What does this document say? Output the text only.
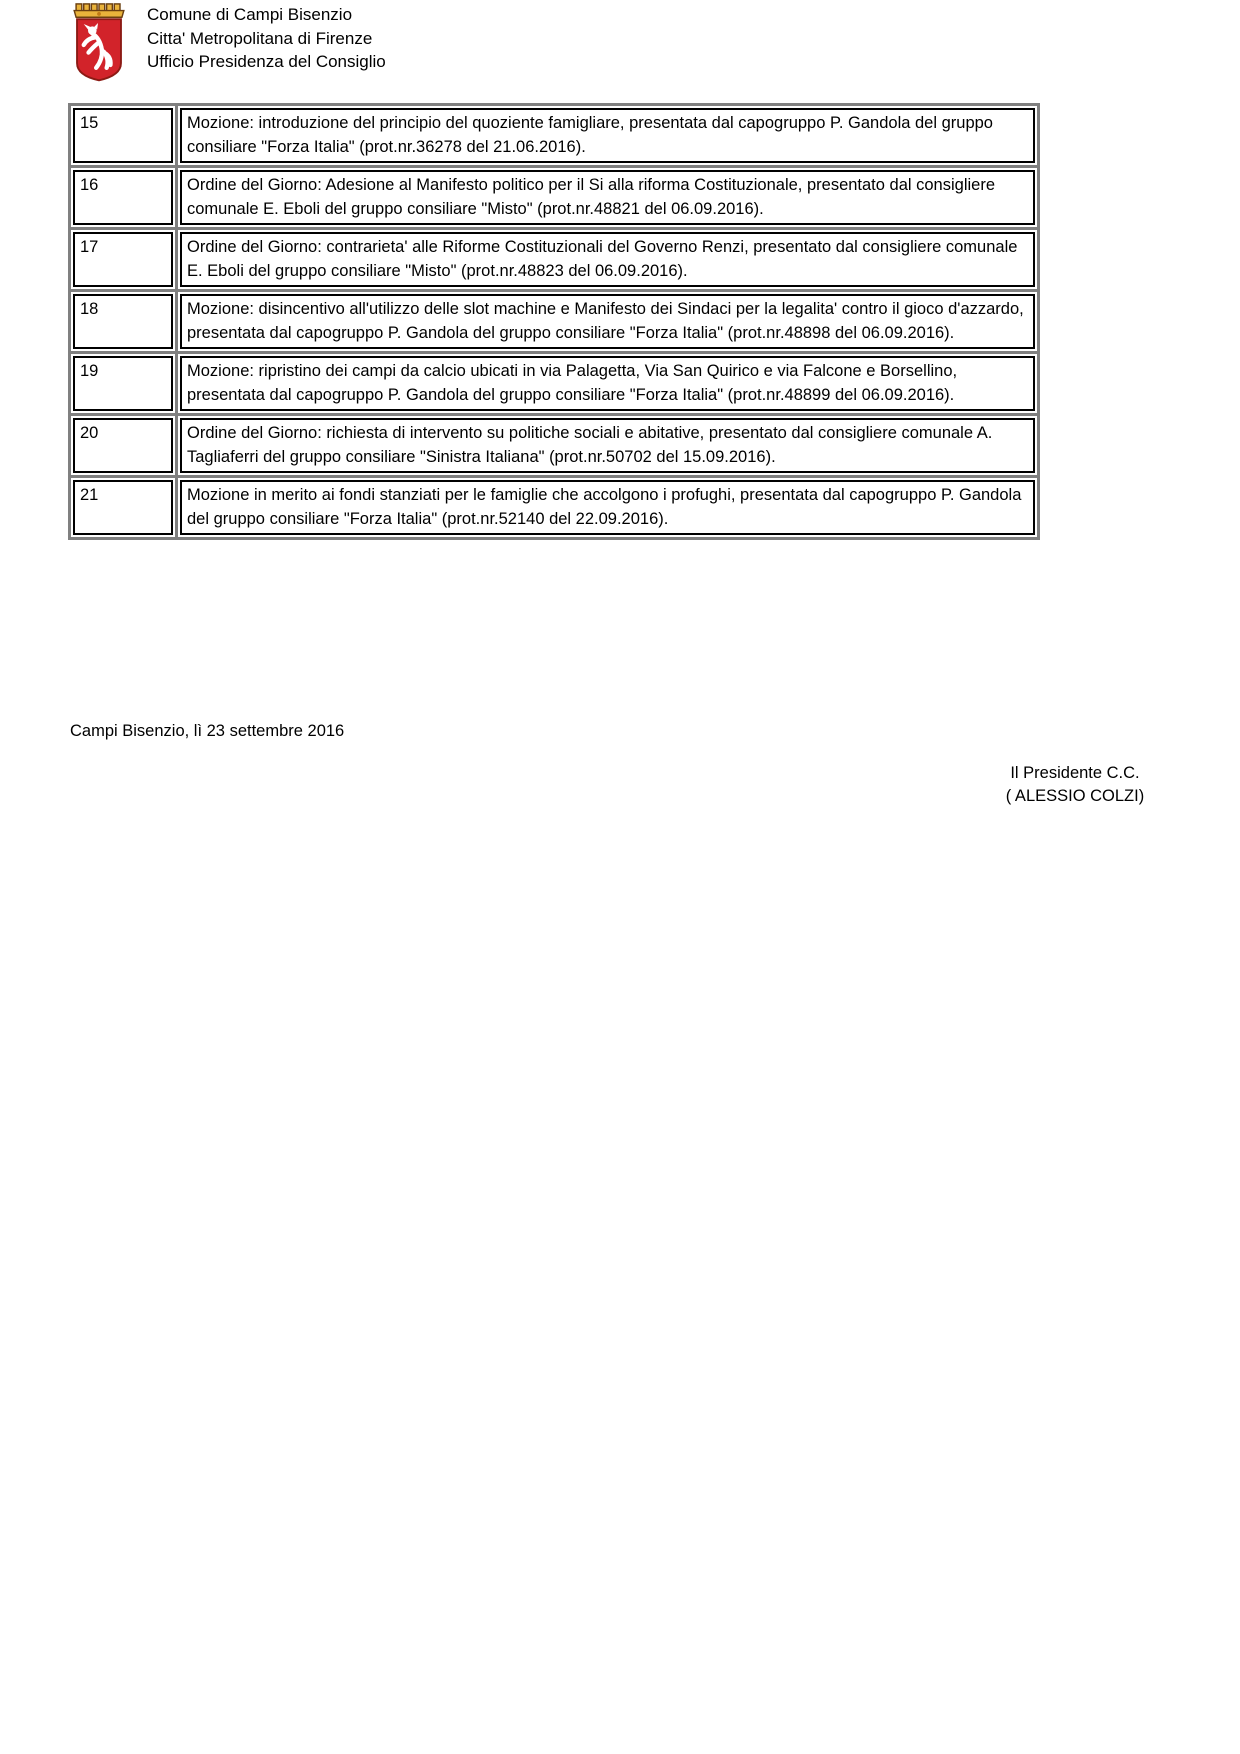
Comune di Campi Bisenzio
Citta' Metropolitana di Firenze
Ufficio Presidenza del Consiglio
15	Mozione: introduzione del principio del quoziente famigliare, presentata dal capogruppo P. Gandola del gruppo consiliare "Forza Italia" (prot.nr.36278 del 21.06.2016).
16	Ordine del Giorno: Adesione al Manifesto politico per il Si alla riforma Costituzionale, presentato dal consigliere comunale E. Eboli del gruppo consiliare "Misto" (prot.nr.48821 del 06.09.2016).
17	Ordine del Giorno: contrarieta' alle Riforme Costituzionali del Governo Renzi, presentato dal consigliere comunale E. Eboli del gruppo consiliare "Misto" (prot.nr.48823 del 06.09.2016).
18	Mozione: disincentivo all'utilizzo delle slot machine e Manifesto dei Sindaci per la legalita' contro il gioco d'azzardo, presentata dal capogruppo P. Gandola del gruppo consiliare "Forza Italia" (prot.nr.48898 del 06.09.2016).
19	Mozione: ripristino dei campi da calcio ubicati in via Palagetta, Via San Quirico e via Falcone e Borsellino, presentata dal capogruppo P. Gandola del gruppo consiliare "Forza Italia" (prot.nr.48899 del 06.09.2016).
20	Ordine del Giorno: richiesta di intervento su politiche sociali e abitative, presentato dal consigliere comunale A. Tagliaferri del gruppo consiliare "Sinistra Italiana" (prot.nr.50702 del 15.09.2016).
21	Mozione in merito ai fondi stanziati per le famiglie che accolgono i profughi, presentata dal capogruppo P. Gandola del gruppo consiliare "Forza Italia" (prot.nr.52140 del 22.09.2016).
Campi Bisenzio, lì 23 settembre 2016
Il Presidente C.C.
( ALESSIO COLZI)
